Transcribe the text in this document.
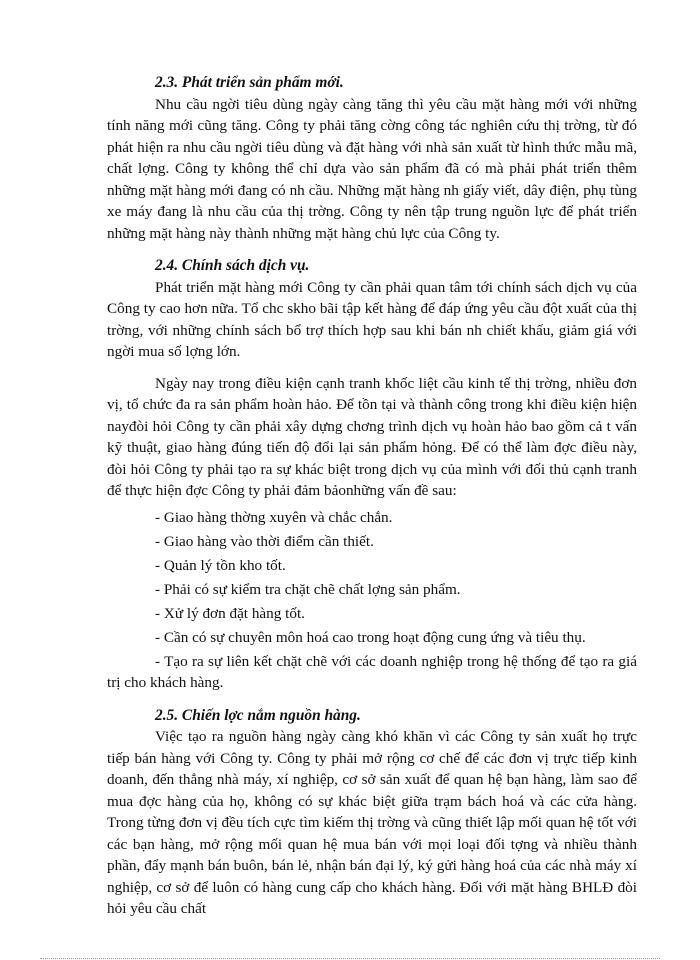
2.3. Phát triển sản phẩm mới.

Nhu cầu ngời tiêu dùng ngày càng tăng thì yêu cầu mặt hàng mới với những tính năng mới cũng tăng. Công ty phải tăng cờng công tác nghiên cứu thị trờng, từ đó phát hiện ra nhu cầu ngời tiêu dùng và đặt hàng với nhà sản xuất từ hình thức mẫu mã, chất lợng. Công ty không thể chỉ dựa vào sản phẩm đã có mà phải phát triển thêm những mặt hàng mới đang có nh cầu. Những mặt hàng nh giấy viết, dây điện, phụ tùng xe máy đang là nhu cầu của thị trờng. Công ty nên tập trung nguồn lực để phát triển những mặt hàng này thành những mặt hàng chủ lực của Công ty.

2.4. Chính sách dịch vụ.

Phát triển mặt hàng mới Công ty cần phải quan tâm tới chính sách dịch vụ của Công ty cao hơn nữa. Tổ chc skho bãi tập kết hàng để đáp ứng yêu cầu đột xuất của thị trờng, với những chính sách bổ trợ thích hợp sau khi bán nh chiết khấu, giảm giá với ngời mua số lợng lớn.

Ngày nay trong điều kiện cạnh tranh khốc liệt cầu kinh tế thị trờng, nhiều đơn vị, tổ chức đa ra sản phẩm hoàn hảo. Để tồn tại và thành công trong khi điều kiện hiện nayđòi hỏi Công ty cần phải xây dựng chơng trình dịch vụ hoàn hảo bao gồm cả t vấn kỹ thuật, giao hàng đúng tiến độ đổi lại sản phẩm hỏng. Để có thể làm đợc điều này, đòi hỏi Công ty phải tạo ra sự khác biệt trong dịch vụ của mình với đối thủ cạnh tranh để thực hiện đợc Công ty phải đảm bảonhững vấn đề sau:

- Giao hàng thờng xuyên và chắc chắn.
- Giao hàng vào thời điểm cần thiết.
- Quản lý tồn kho tốt.
- Phải có sự kiểm tra chặt chẽ chất lợng sản phẩm.
- Xử lý đơn đặt hàng tốt.
- Cần có sự chuyên môn hoá cao trong hoạt động cung ứng và tiêu thụ.
- Tạo ra sự liên kết chặt chẽ với các doanh nghiệp trong hệ thống để tạo ra giá trị cho khách hàng.
2.5. Chiến lợc nắm nguồn hàng.

Việc tạo ra nguồn hàng ngày càng khó khăn vì các Công ty sản xuất họ trực tiếp bán hàng với Công ty. Công ty phải mở rộng cơ chế để các đơn vị trực tiếp kinh doanh, đến thẳng nhà máy, xí nghiệp, cơ sở sản xuất để quan hệ bạn hàng, làm sao để mua đợc hàng của họ, không có sự khác biệt giữa trạm bách hoá và các cửa hàng. Trong từng đơn vị đều tích cực tìm kiếm thị trờng và cũng thiết lập mối quan hệ tốt với các bạn hàng, mở rộng mối quan hệ mua bán với mọi loại đối tợng và nhiều thành phần, đẩy mạnh bán buôn, bán lẻ, nhận bán đại lý, ký gửi hàng hoá của các nhà máy xí nghiệp, cơ sở để luôn có hàng cung cấp cho khách hàng. Đối với mặt hàng BHLĐ đòi hỏi yêu cầu chất
